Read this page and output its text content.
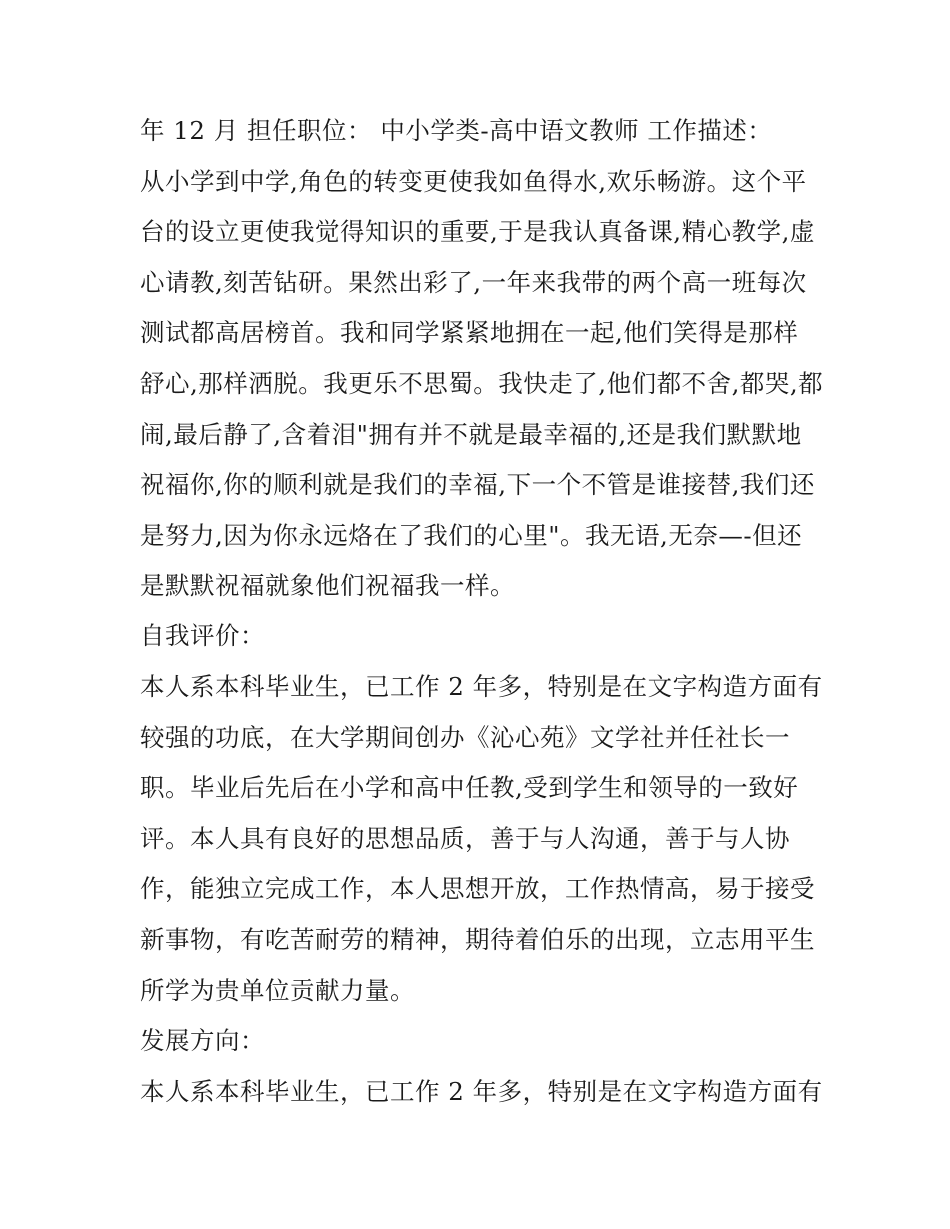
年 12 月 担任职位： 中小学类-高中语文教师 工作描述：
从小学到中学,角色的转变更使我如鱼得水,欢乐畅游。这个平
台的设立更使我觉得知识的重要,于是我认真备课,精心教学,虚
心请教,刻苦钻研。果然出彩了,一年来我带的两个高一班每次
测试都高居榜首。我和同学紧紧地拥在一起,他们笑得是那样
舒心,那样洒脱。我更乐不思蜀。我快走了,他们都不舍,都哭,都
闹,最后静了,含着泪"拥有并不就是最幸福的,还是我们默默地
祝福你,你的顺利就是我们的幸福,下一个不管是谁接替,我们还
是努力,因为你永远烙在了我们的心里"。我无语,无奈—-但还
是默默祝福就象他们祝福我一样。
自我评价：
本人系本科毕业生，已工作 2 年多，特别是在文字构造方面有
较强的功底，在大学期间创办《沁心苑》文学社并任社长一
职。毕业后先后在小学和高中任教,受到学生和领导的一致好
评。本人具有良好的思想品质，善于与人沟通，善于与人协
作，能独立完成工作，本人思想开放，工作热情高，易于接受
新事物，有吃苦耐劳的精神，期待着伯乐的出现，立志用平生
所学为贵单位贡献力量。
发展方向：
本人系本科毕业生，已工作 2 年多，特别是在文字构造方面有
